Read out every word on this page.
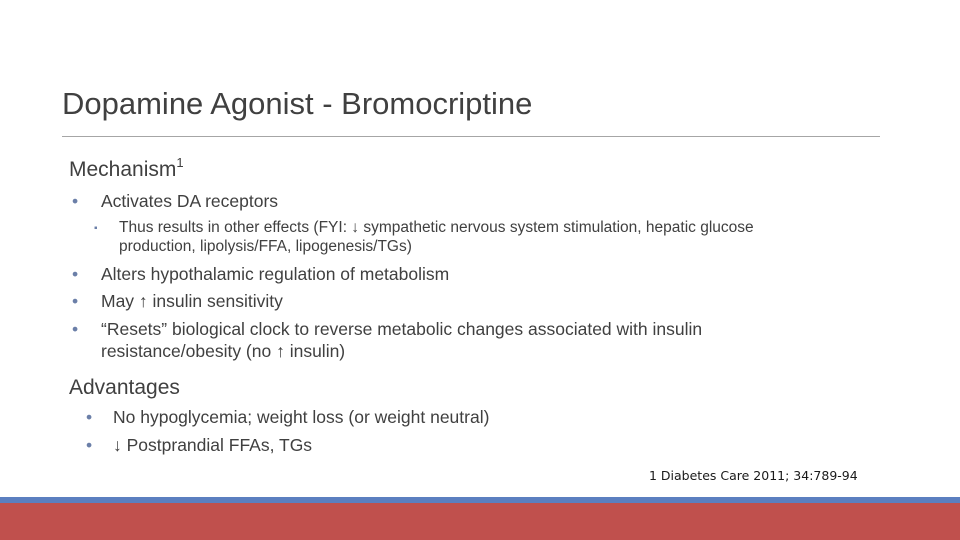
Dopamine Agonist - Bromocriptine
Mechanism$^1$
• Activates DA receptors
▪ Thus results in other effects (FYI: ↓ sympathetic nervous system stimulation, hepatic glucose
production, lipolysis/FFA, lipogenesis/TGs)
• Alters hypothalamic regulation of metabolism
• May ↑ insulin sensitivity
• “Resets” biological clock to reverse metabolic changes associated with insulin
resistance/obesity (no ↑ insulin)
Advantages
• No hypoglycemia; weight loss (or weight neutral)
• ↓ Postprandial FFAs, TGs
1 Diabetes Care 2011; 34:789-94
